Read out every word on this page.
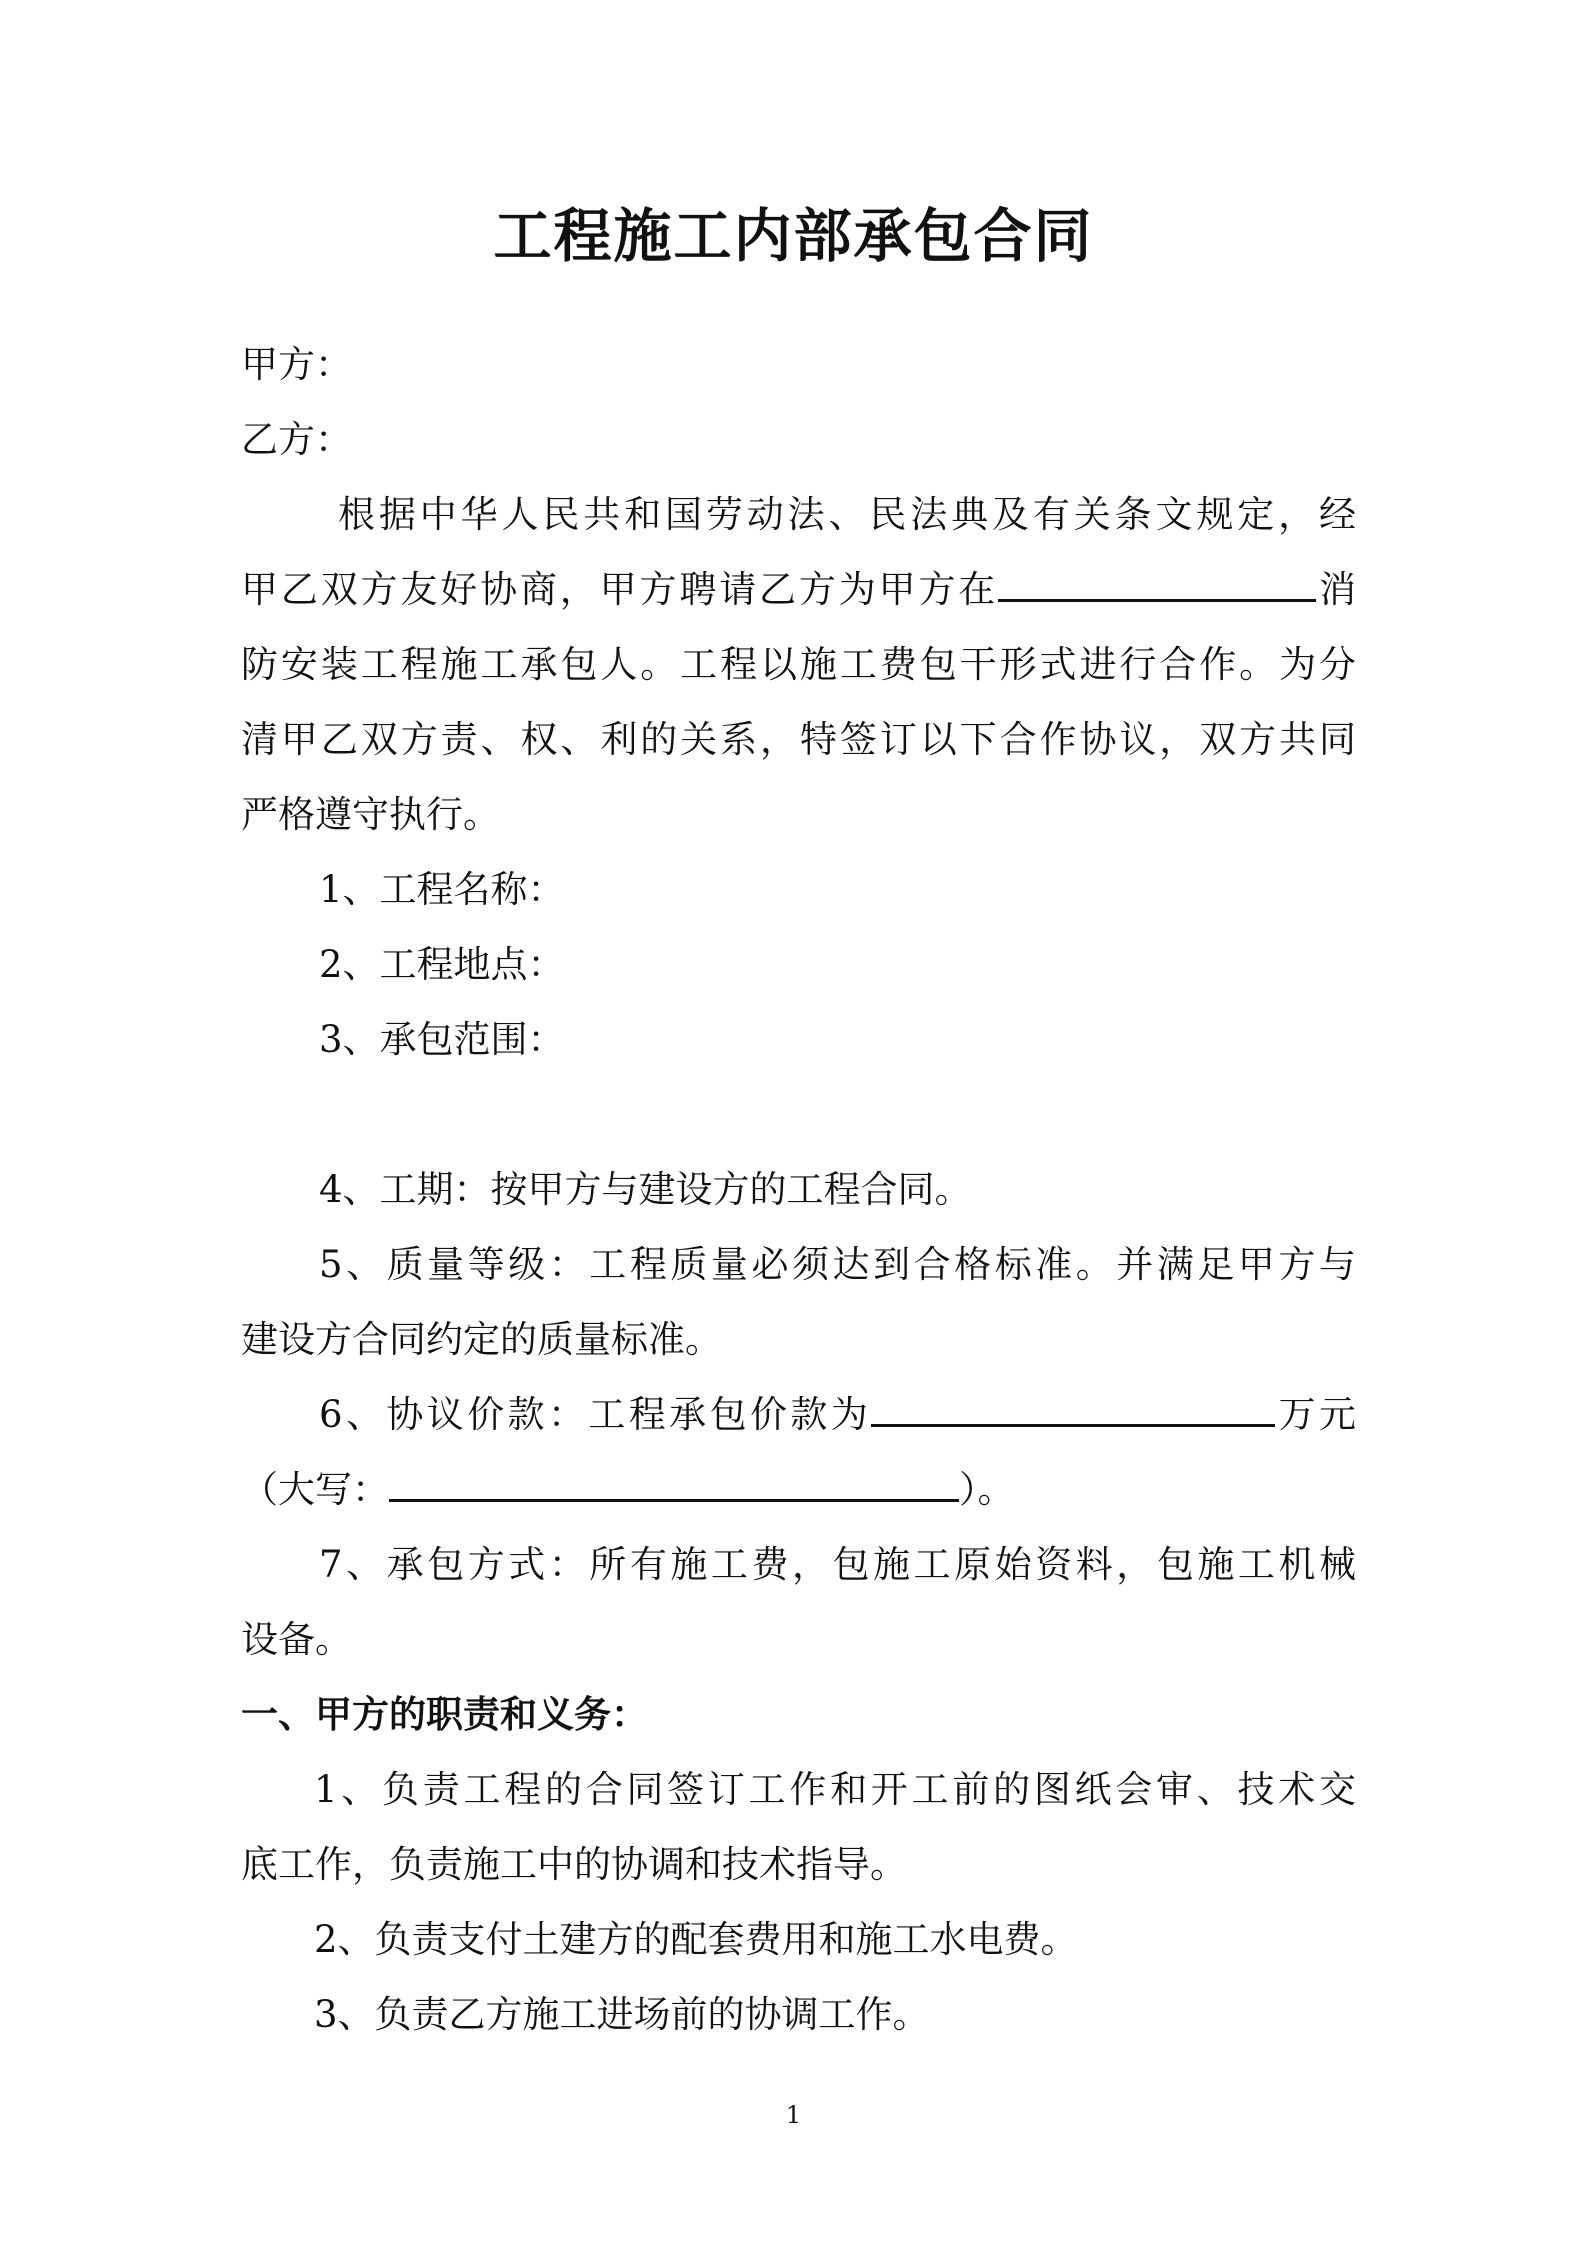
工程施工内部承包合同
甲方：
乙方：
根据中华人民共和国劳动法、民法典及有关条文规定，经
甲乙双方友好协商，甲方聘请乙方为甲方在	消
防安装工程施工承包人。工程以施工费包干形式进行合作。为分
清甲乙双方责、权、利的关系，特签订以下合作协议，双方共同
严格遵守执行。
1、工程名称：
2、工程地点：
3、承包范围：
4、工期：按甲方与建设方的工程合同。
5、质量等级：工程质量必须达到合格标准。并满足甲方与
建设方合同约定的质量标准。
6、协议价款：工程承包价款为	万元
（大写：	）。
7、承包方式：所有施工费，包施工原始资料，包施工机械
设备。
一、甲方的职责和义务：
1、负责工程的合同签订工作和开工前的图纸会审、技术交
底工作，负责施工中的协调和技术指导。
2、负责支付土建方的配套费用和施工水电费。
3、负责乙方施工进场前的协调工作。
1
